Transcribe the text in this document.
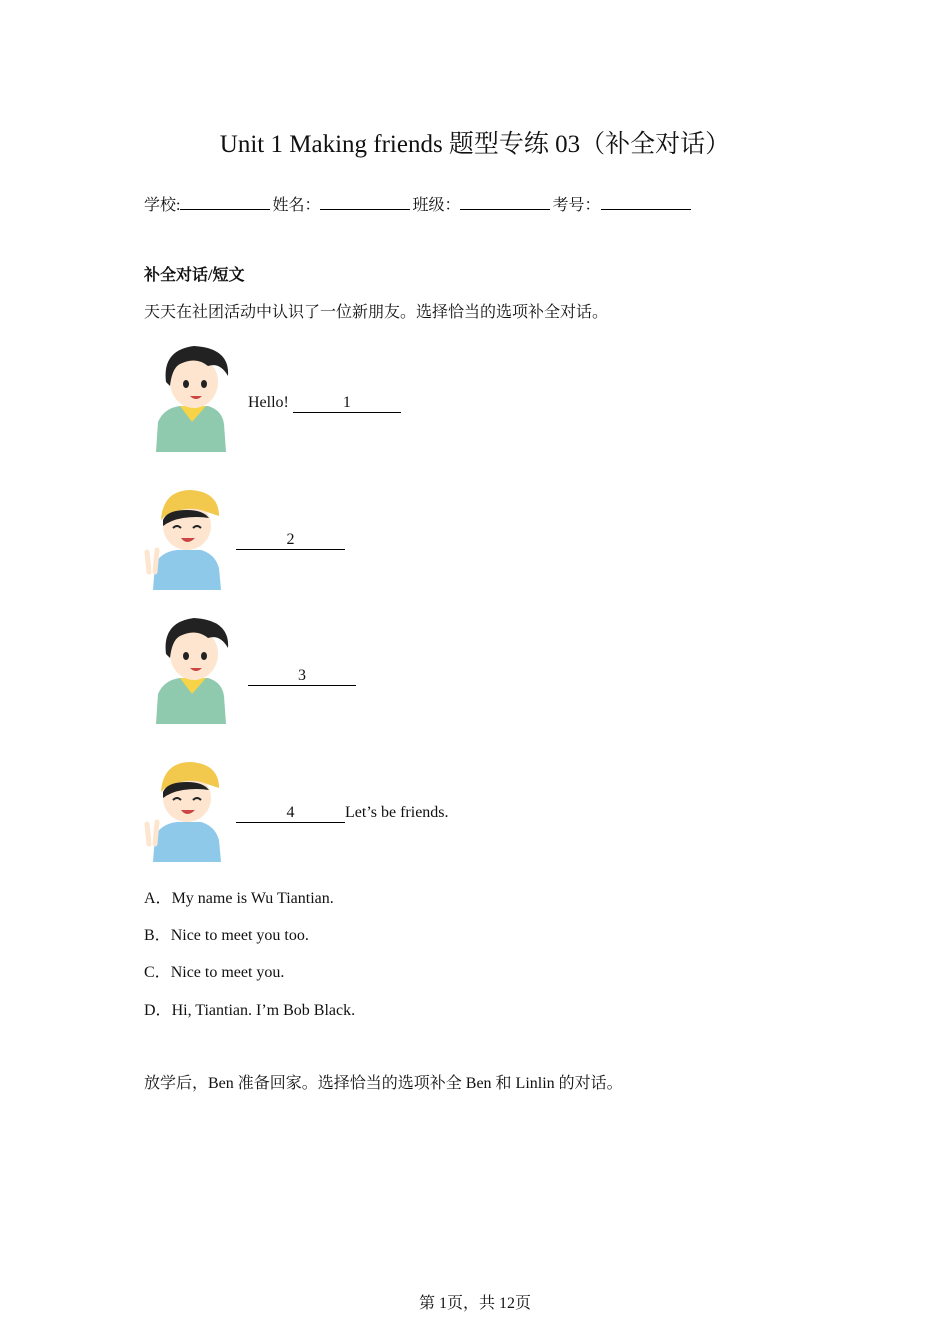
Unit 1 Making friends 题型专练 03（补全对话）
学校:	姓名：	班级：	考号：
补全对话/短文
天天在社团活动中认识了一位新朋友。选择恰当的选项补全对话。
Hello!	1
2
3
4	Let’s be friends.
A．My name is Wu Tiantian.
B．Nice to meet you too.
C．Nice to meet you.
D．Hi, Tiantian. I’m Bob Black.
放学后，Ben 准备回家。选择恰当的选项补全 Ben 和 Linlin 的对话。
第 1页，共 12页
